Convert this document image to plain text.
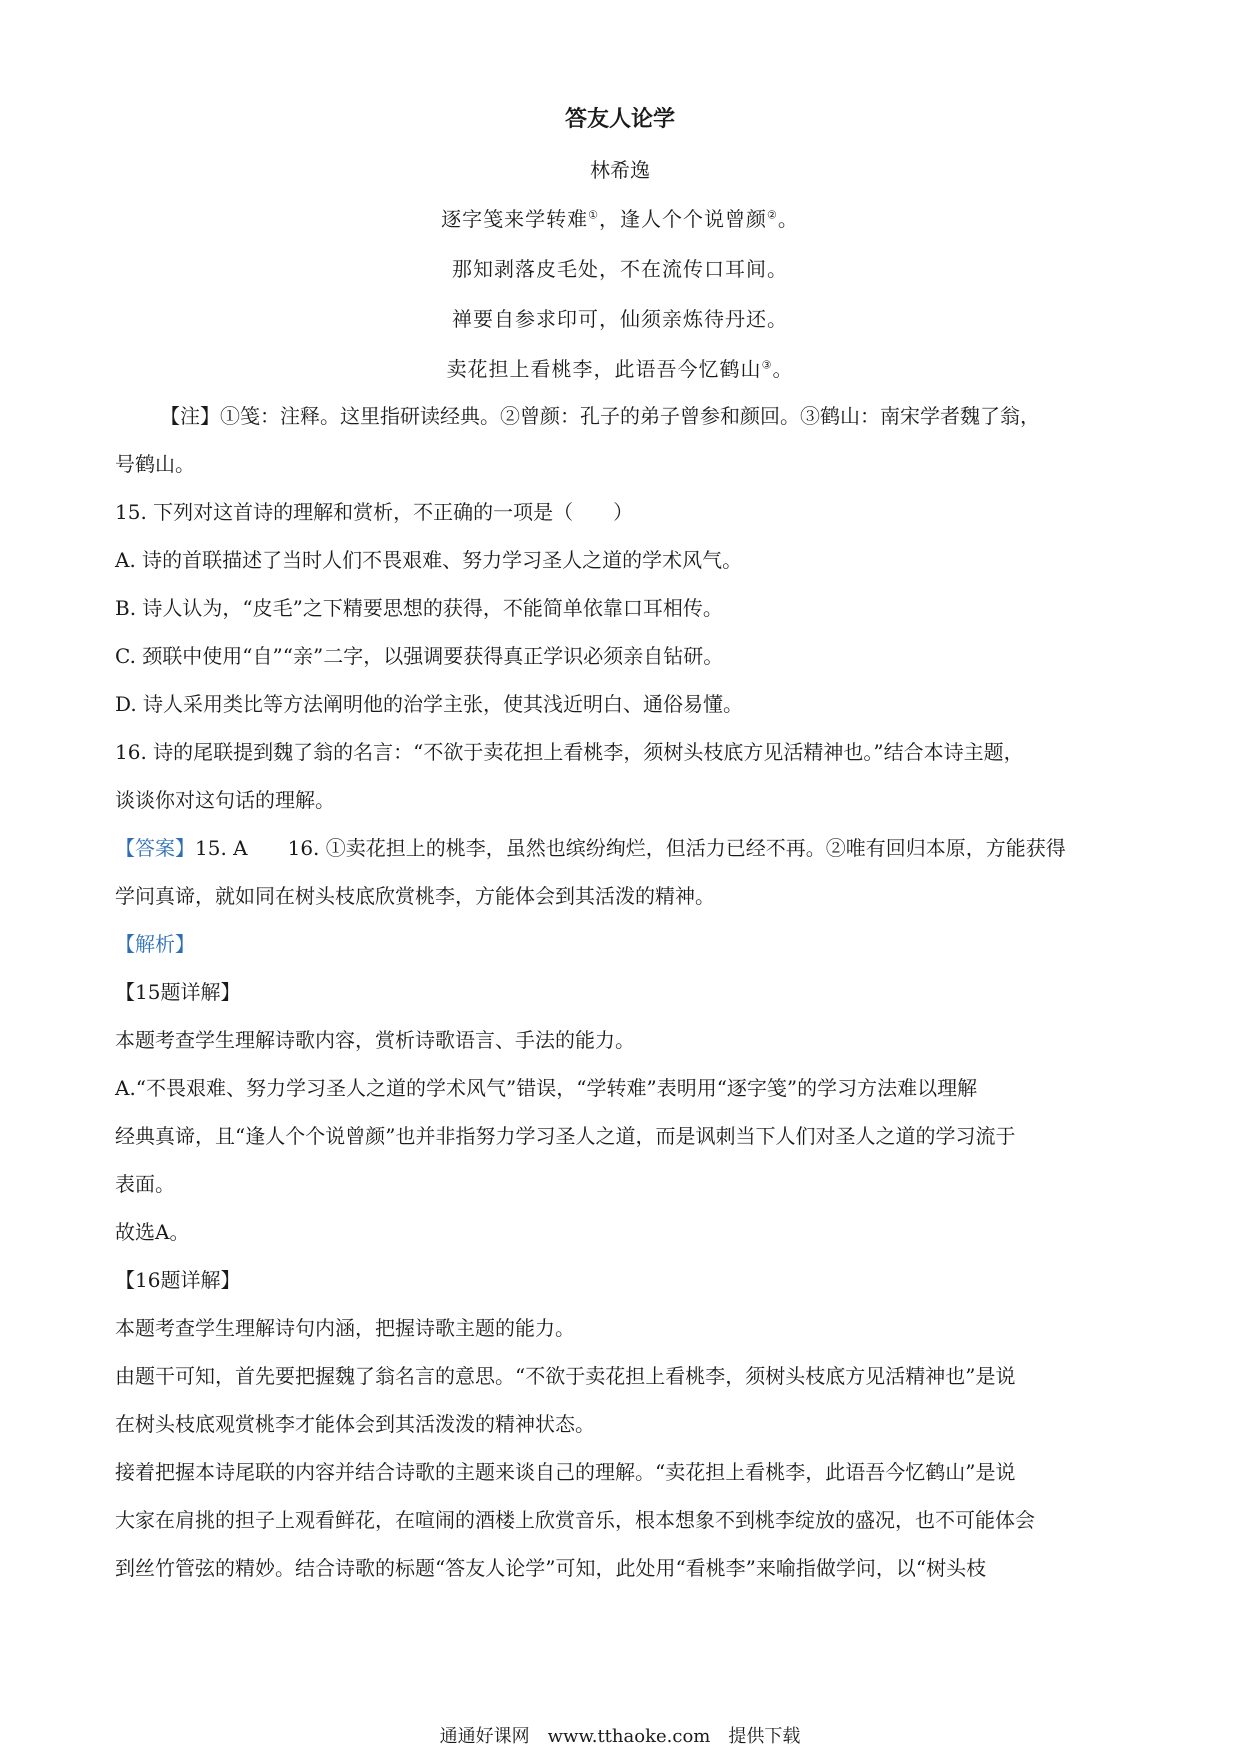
答友人论学
林希逸
逐字笺来学转难①，逢人个个说曾颜②。
那知剥落皮毛处，不在流传口耳间。
禅要自参求印可，仙须亲炼待丹还。
卖花担上看桃李，此语吾今忆鹤山③。
【注】①笺：注释。这里指研读经典。②曾颜：孔子的弟子曾参和颜回。③鹤山：南宋学者魏了翁，
号鹤山。
15. 下列对这首诗的理解和赏析，不正确的一项是（　　）
A. 诗的首联描述了当时人们不畏艰难、努力学习圣人之道的学术风气。
B. 诗人认为，“皮毛”之下精要思想的获得，不能简单依靠口耳相传。
C. 颈联中使用“自”“亲”二字，以强调要获得真正学识必须亲自钻研。
D. 诗人采用类比等方法阐明他的治学主张，使其浅近明白、通俗易懂。
16. 诗的尾联提到魏了翁的名言：“不欲于卖花担上看桃李，须树头枝底方见活精神也。”结合本诗主题，
谈谈你对这句话的理解。
【答案】15. A　　16. ①卖花担上的桃李，虽然也缤纷绚烂，但活力已经不再。②唯有回归本原，方能获得
学问真谛，就如同在树头枝底欣赏桃李，方能体会到其活泼的精神。
【解析】
【15题详解】
本题考查学生理解诗歌内容，赏析诗歌语言、手法的能力。
A.“不畏艰难、努力学习圣人之道的学术风气”错误，“学转难”表明用“逐字笺”的学习方法难以理解
经典真谛，且“逢人个个说曾颜”也并非指努力学习圣人之道，而是讽刺当下人们对圣人之道的学习流于
表面。
故选A。
【16题详解】
本题考查学生理解诗句内涵，把握诗歌主题的能力。
由题干可知，首先要把握魏了翁名言的意思。“不欲于卖花担上看桃李，须树头枝底方见活精神也”是说
在树头枝底观赏桃李才能体会到其活泼泼的精神状态。
接着把握本诗尾联的内容并结合诗歌的主题来谈自己的理解。“卖花担上看桃李，此语吾今忆鹤山”是说
大家在肩挑的担子上观看鲜花，在喧闹的酒楼上欣赏音乐，根本想象不到桃李绽放的盛况，也不可能体会
到丝竹管弦的精妙。结合诗歌的标题“答友人论学”可知，此处用“看桃李”来喻指做学问，以“树头枝
通通好课网　www.tthaoke.com　提供下载
